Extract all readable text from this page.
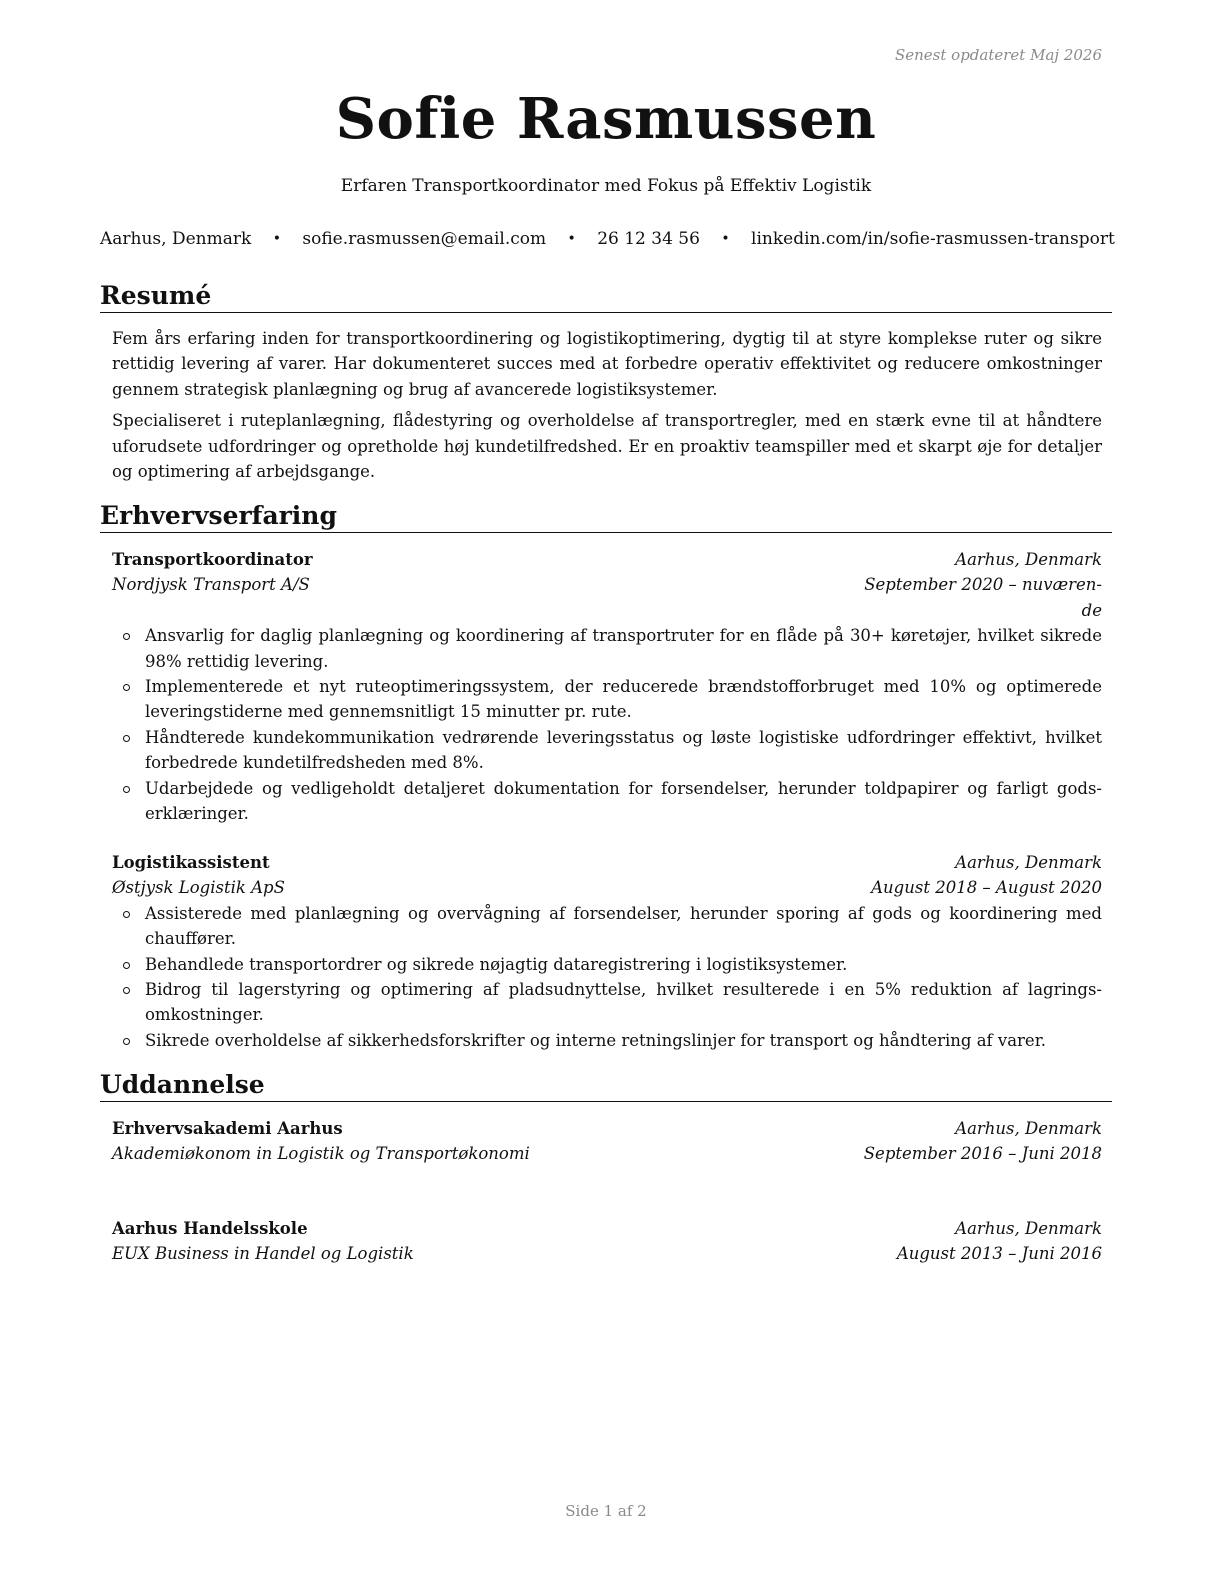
Senest opdateret Maj 2026
Sofie Rasmussen
Erfaren Transportkoordinator med Fokus på Effektiv Logistik
Aarhus, Denmark • sofie.rasmussen@email.com • 26 12 34 56 • linkedin.com/in/sofie-rasmussen-transport
Resumé

Fem års erfaring inden for transportkoordinering og logistikoptimering, dygtig til at styre komplekse ruter og sikre rettidig levering af varer. Har dokumenteret succes med at forbedre operativ effektivitet og reducere omkostninger gennem strategisk planlægning og brug af avancerede logistiksystemer.

Specialiseret i ruteplanlægning, flådestyring og overholdelse af transportregler, med en stærk evne til at håndtere uforudsete udfordringer og opretholde høj kundetilfredshed. Er en proaktiv teamspiller med et skarpt øje for detaljer og optimering af arbejdsgange.

Erhvervserfaring
Transportkoordinator	Aarhus, Denmark
Nordjysk Transport A/S	September 2020 – nuværen-de
Ansvarlig for daglig planlægning og koordinering af transportruter for en flåde på 30+ køretøjer, hvilket sikrede 98% rettidig levering.
Implementerede et nyt ruteoptimeringssystem, der reducerede brændstofforbruget med 10% og optimerede leveringstiderne med gennemsnitligt 15 minutter pr. rute.
Håndterede kundekommunikation vedrørende leveringsstatus og løste logistiske udfordringer effektivt, hvilket forbedrede kundetilfredsheden med 8%.
Udarbejdede og vedligeholdt detaljeret dokumentation for forsendelser, herunder toldpapirer og farligt gods-erklæringer.
Logistikassistent	Aarhus, Denmark
Østjysk Logistik ApS	August 2018 – August 2020
Assisterede med planlægning og overvågning af forsendelser, herunder sporing af gods og koordinering med chauffører.
Behandlede transportordrer og sikrede nøjagtig dataregistrering i logistiksystemer.
Bidrog til lagerstyring og optimering af pladsudnyttelse, hvilket resulterede i en 5% reduktion af lagrings-omkostninger.
Sikrede overholdelse af sikkerhedsforskrifter og interne retningslinjer for transport og håndtering af varer.
Uddannelse
Erhvervsakademi Aarhus	Aarhus, Denmark
Akademiøkonom in Logistik og Transportøkonomi	September 2016 – Juni 2018
Aarhus Handelsskole	Aarhus, Denmark
EUX Business in Handel og Logistik	August 2013 – Juni 2016
Side 1 af 2
